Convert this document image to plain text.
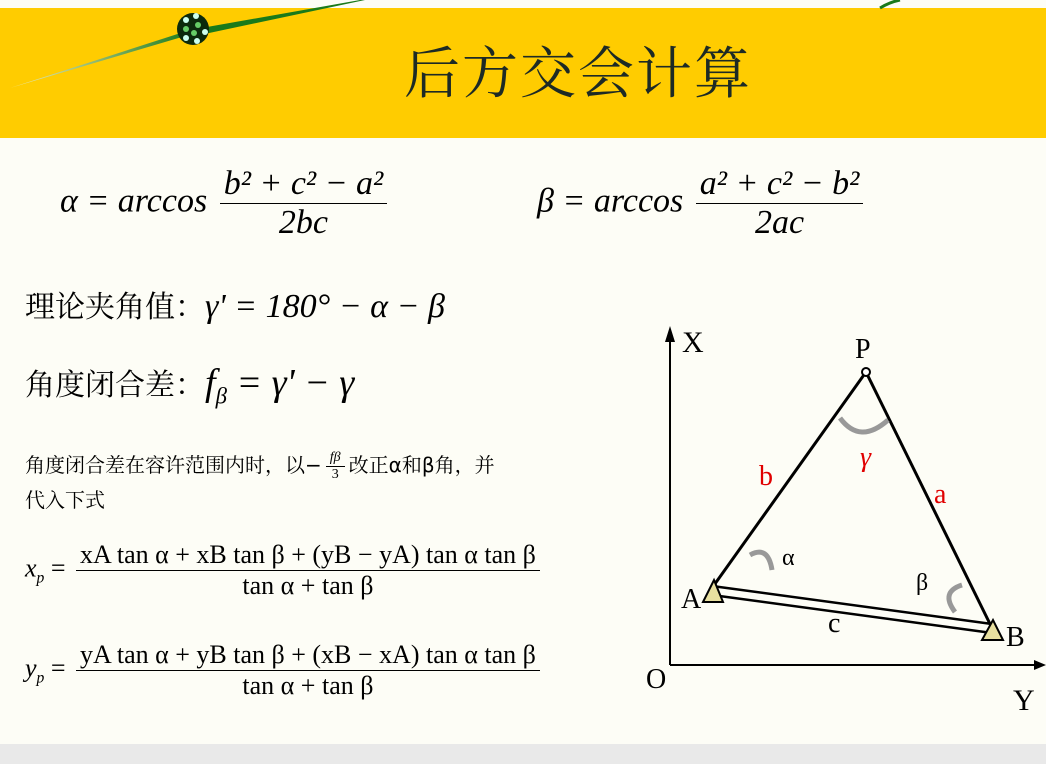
后方交会计算
$\alpha = \arccos \frac{\text{b² + c² − a²}}{2bc}$	$\beta = \arccos \frac{\text{a² + c² − b²}}{2ac}$
理论夹角值：γ' = 180° − α − β
角度闭合差：$f_\beta = \gamma' - \gamma$
角度闭合差在容许范围内时，以− $\frac{f\beta}{3}$ 改正α和β角，并
代入下式
$x_p = \frac{\text{xA tan α + xB tan β + (yB − yA) tan α tan β}}{\text{tan α + tan β}}$
$y_p = \frac{\text{yA tan α + yB tan β + (xB − xA) tan α tan β}}{\text{tan α + tan β}}$
X
Y
O
P
A
B
b
a
c
γ
α
β
